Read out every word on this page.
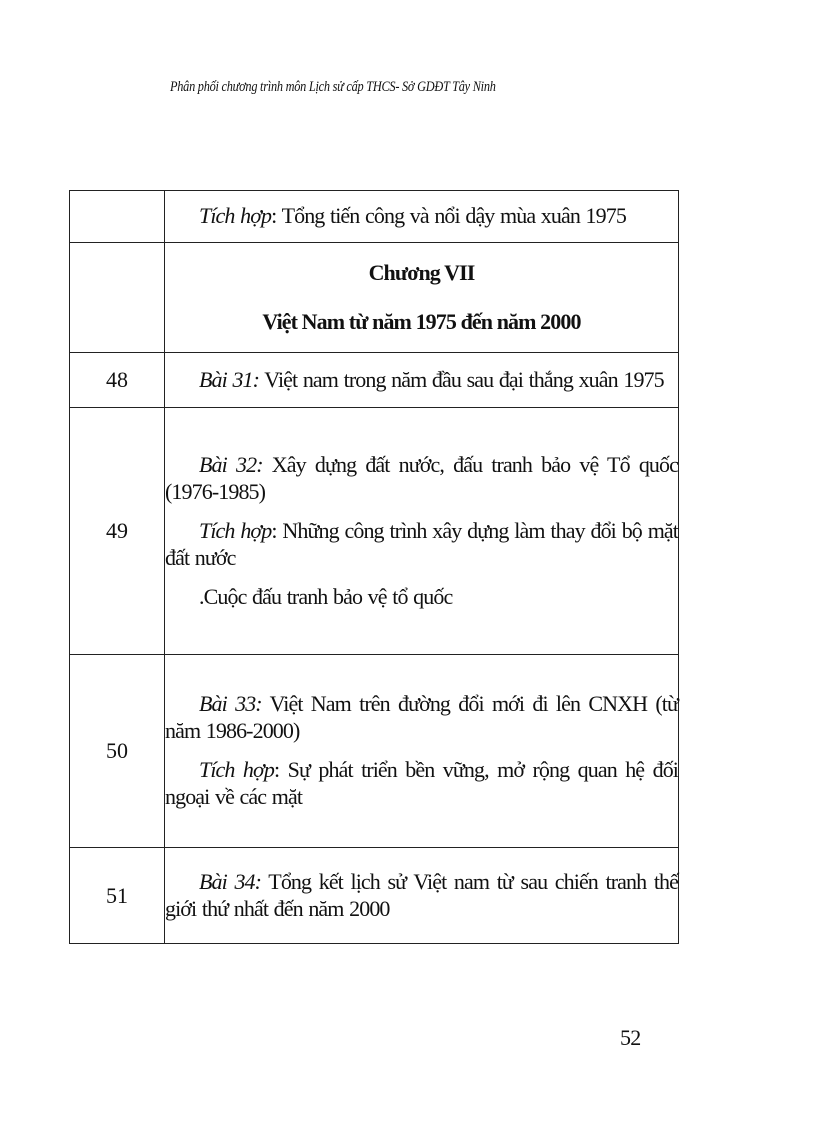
Phân phối chương trình môn Lịch sử cấp THCS- Sở GDĐT Tây Ninh

	Tích hợp: Tổng tiến công và nổi dậy mùa xuân 1975

	Chương VII
Việt Nam từ năm 1975 đến năm 2000

48	Bài 31: Việt nam trong năm đầu sau đại thắng xuân 1975

49	Bài 32: Xây dựng đất nước, đấu tranh bảo vệ Tổ quốc (1976-1985)
Tích hợp: Những công trình xây dựng làm thay đổi bộ mặt đất nước
.Cuộc đấu tranh bảo vệ tổ quốc

50	Bài 33: Việt Nam trên đường đổi mới đi lên CNXH (từ năm 1986-2000)
Tích hợp: Sự phát triển bền vững, mở rộng quan hệ đối ngoại về các mặt

51	Bài 34: Tổng kết lịch sử Việt nam từ sau chiến tranh thế giới thứ nhất đến năm 2000
52
